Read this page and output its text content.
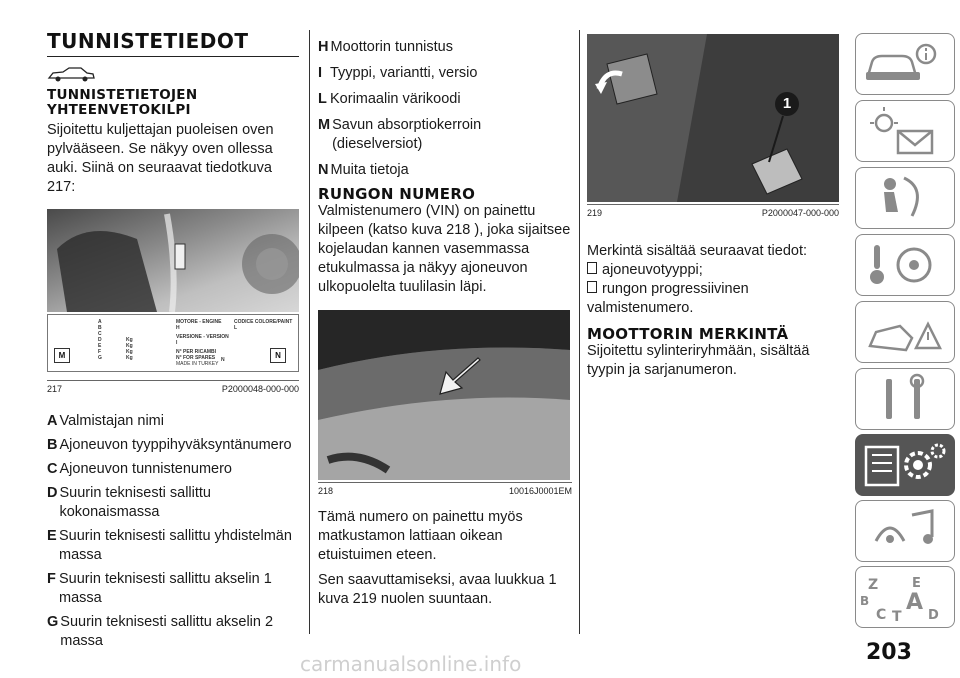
TUNNISTETIEDOT
TUNNISTETIETOJEN YHTEENVETOKILPI
Sijoitettu kuljettajan puoleisen oven pylvääseen. Se näkyy oven ollessa auki. Siinä on seuraavat tiedotkuva 217:
M
A
B
C
D
E
F
G
Kg
Kg
Kg
Kg
MOTORE - ENGINE
H
VERSIONE - VERSION
I
N° PER RICAMBI
N° FOR SPARES
MADE IN TURKEY
CODICE COLORE/PAINT
L
N	N
217	P2000048-000-000
A Valmistajan nimi
B Ajoneuvon tyyppihyväksyntänumero
C Ajoneuvon tunnistenumero
D Suurin teknisesti sallittu kokonaismassa
E Suurin teknisesti sallittu yhdistelmän massa
F Suurin teknisesti sallittu akselin 1 massa
G Suurin teknisesti sallittu akselin 2 massa
H Moottorin tunnistus
I Tyyppi, variantti, versio
L Korimaalin värikoodi
M Savun absorptiokerroin (dieselversiot)
N Muita tietoja
RUNGON NUMERO
Valmistenumero (VIN) on painettu kilpeen (katso kuva 218 ), joka sijaitsee kojelaudan kannen vasemmassa etukulmassa ja näkyy ajoneuvon ulkopuolelta tuulilasin läpi.
218	10016J0001EM
Tämä numero on painettu myös matkustamon lattiaan oikean etuistuimen eteen.
Sen saavuttamiseksi, avaa luukkua 1 kuva 219 nuolen suuntaan.
1
219	P2000047-000-000
Merkintä sisältää seuraavat tiedot:
ajoneuvotyyppi;
rungon progressiivinen
valmistenumero.
MOOTTORIN MERKINTÄ
Sijoitettu sylinteriryhmään, sisältää tyypin ja sarjanumeron.
Z	E
B A
C T D
203
carmanualsonline.info
